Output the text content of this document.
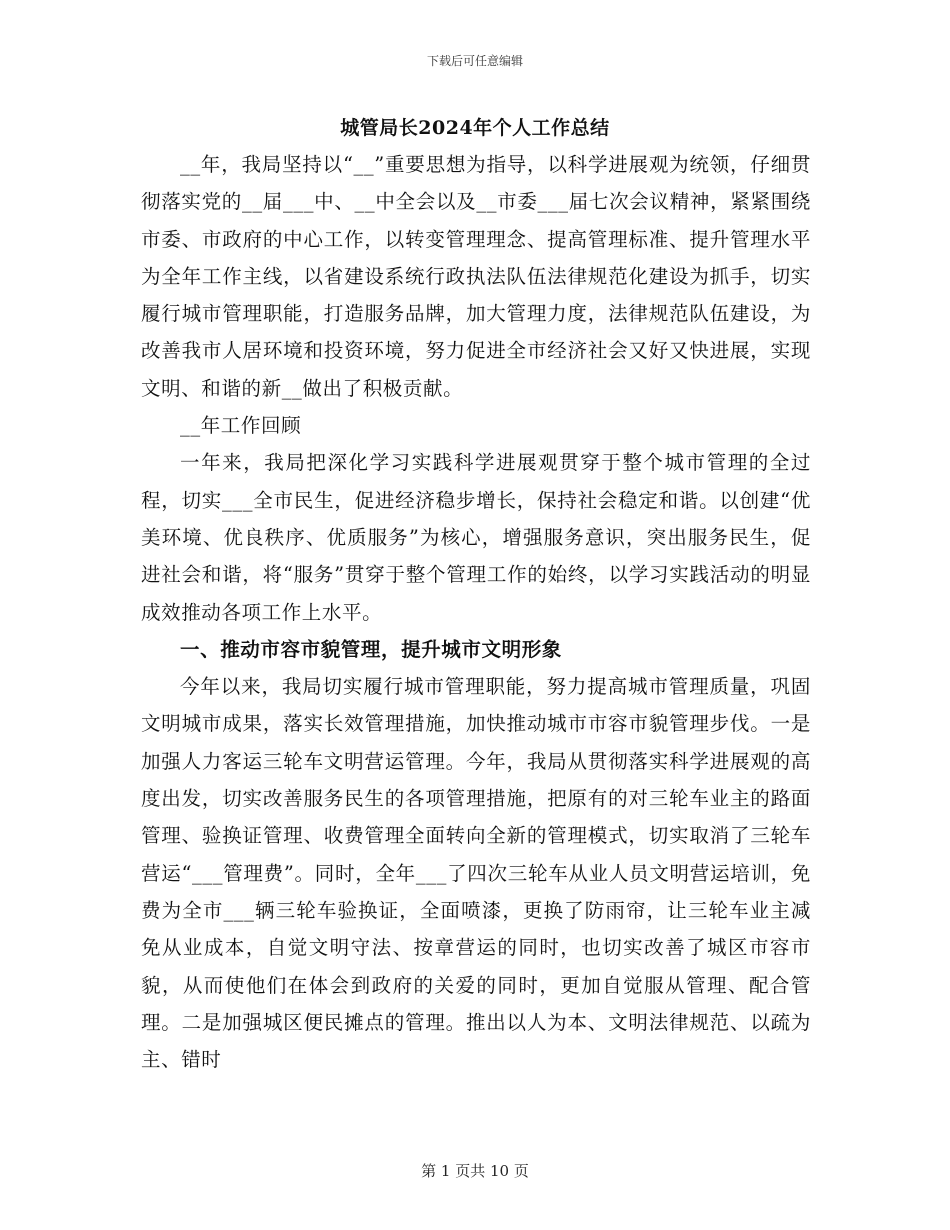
下载后可任意编辑
城管局长2024年个人工作总结

__年，我局坚持以“__”重要思想为指导，以科学进展观为统领，仔细贯彻落实党的__届___中、__中全会以及__市委___届七次会议精神，紧紧围绕市委、市政府的中心工作，以转变管理理念、提高管理标准、提升管理水平为全年工作主线，以省建设系统行政执法队伍法律规范化建设为抓手，切实履行城市管理职能，打造服务品牌，加大管理力度，法律规范队伍建设，为改善我市人居环境和投资环境，努力促进全市经济社会又好又快进展，实现文明、和谐的新__做出了积极贡献。

__年工作回顾

一年来，我局把深化学习实践科学进展观贯穿于整个城市管理的全过程，切实___全市民生，促进经济稳步增长，保持社会稳定和谐。以创建“优美环境、优良秩序、优质服务”为核心，增强服务意识，突出服务民生，促进社会和谐，将“服务”贯穿于整个管理工作的始终，以学习实践活动的明显成效推动各项工作上水平。

一、推动市容市貌管理，提升城市文明形象

今年以来，我局切实履行城市管理职能，努力提高城市管理质量，巩固文明城市成果，落实长效管理措施，加快推动城市市容市貌管理步伐。一是加强人力客运三轮车文明营运管理。今年，我局从贯彻落实科学进展观的高度出发，切实改善服务民生的各项管理措施，把原有的对三轮车业主的路面管理、验换证管理、收费管理全面转向全新的管理模式，切实取消了三轮车营运“___管理费”。同时，全年___了四次三轮车从业人员文明营运培训，免费为全市___辆三轮车验换证，全面喷漆，更换了防雨帘，让三轮车业主减免从业成本，自觉文明守法、按章营运的同时，也切实改善了城区市容市貌，从而使他们在体会到政府的关爱的同时，更加自觉服从管理、配合管理。二是加强城区便民摊点的管理。推出以人为本、文明法律规范、以疏为主、错时

第 1 页共 10 页
